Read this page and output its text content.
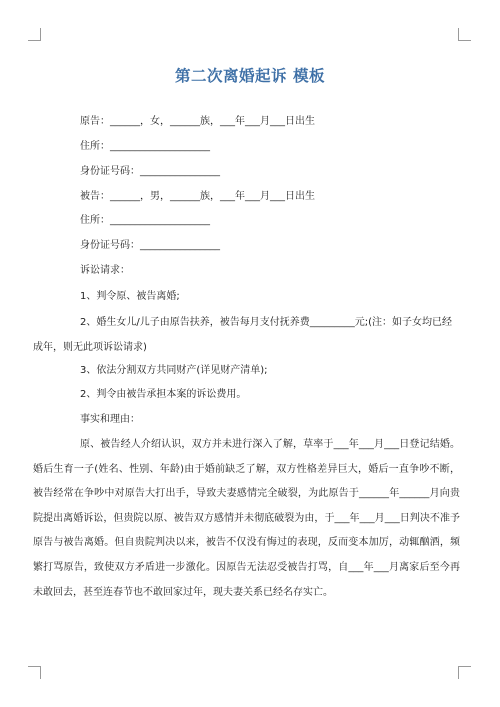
第二次离婚起诉 模板
原告：______，女，______族，___年___月___日出生
住所：____________________
身份证号码：________________
被告：______，男，______族，___年___月___日出生
住所：____________________
身份证号码：________________
诉讼请求：
1、判令原、被告离婚;
2、婚生女儿/儿子由原告扶养，被告每月支付抚养费_________元;(注：如子女均已经成年，则无此项诉讼请求)
3、依法分割双方共同财产(详见财产清单);
2、判令由被告承担本案的诉讼费用。
事实和理由：
原、被告经人介绍认识，双方并未进行深入了解，草率于___年___月___日登记结婚。婚后生育一子(姓名、性别、年龄)由于婚前缺乏了解，双方性格差异巨大，婚后一直争吵不断，被告经常在争吵中对原告大打出手，导致夫妻感情完全破裂，为此原告于______年______月向贵院提出离婚诉讼，但贵院以原、被告双方感情并未彻底破裂为由，于___年___月___日判决不准予原告与被告离婚。但自贵院判决以来，被告不仅没有悔过的表现，反而变本加厉，动辄酗酒，频繁打骂原告，致使双方矛盾进一步激化。因原告无法忍受被告打骂，自___年___月离家后至今再未敢回去，甚至连春节也不敢回家过年，现夫妻关系已经名存实亡。
